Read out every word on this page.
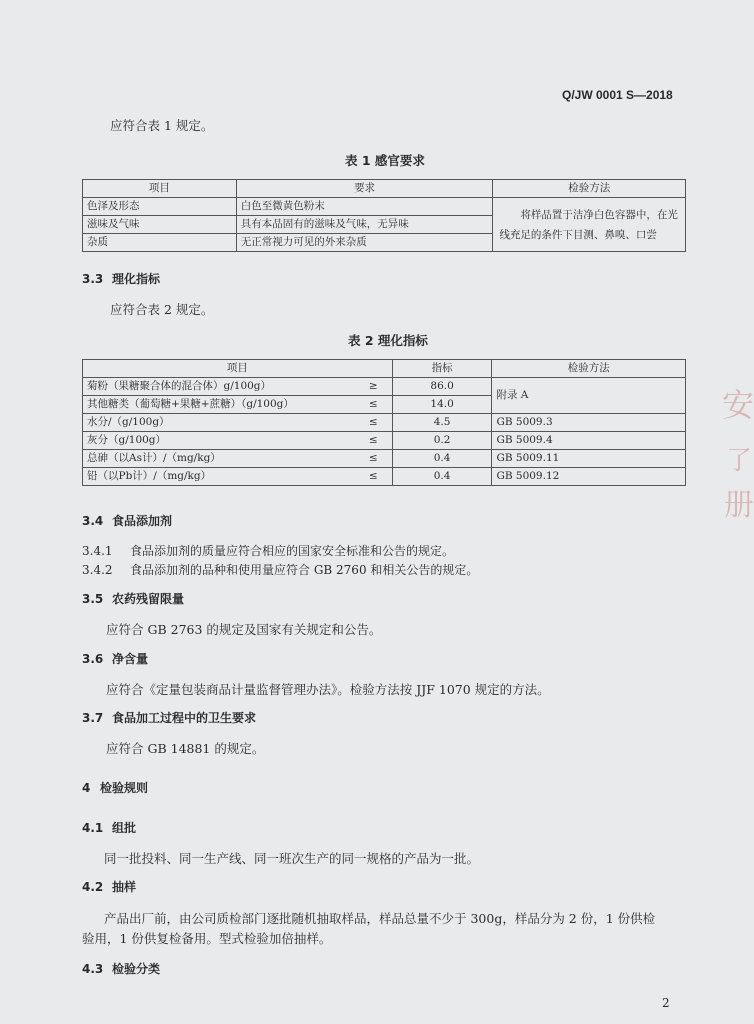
Q/JW 0001 S—2018
应符合表 1 规定。
表 1 感官要求
项目	要求	检验方法
色泽及形态	白色至微黄色粉末	将样品置于洁净白色容器中，在光线充足的条件下目测、鼻嗅、口尝
滋味及气味	具有本品固有的滋味及气味，无异味	
杂质	无正常视力可见的外来杂质	
3.3 理化指标
应符合表 2 规定。
表 2 理化指标
项目		指标	检验方法
菊粉（果糖聚合体的混合体）g/100g）	≥	86.0	附录 A
其他糖类（葡萄糖+果糖+蔗糖）（g/100g）	≤	14.0	
水分/（g/100g）	≤	4.5	GB 5009.3
灰分（g/100g）	≤	0.2	GB 5009.4
总砷（以As计）/（mg/kg）	≤	0.4	GB 5009.11
铅（以Pb计）/（mg/kg）	≤	0.4	GB 5009.12
3.4 食品添加剂
3.4.1 食品添加剂的质量应符合相应的国家安全标准和公告的规定。
3.4.2 食品添加剂的品种和使用量应符合 GB 2760 和相关公告的规定。
3.5 农药残留限量
应符合 GB 2763 的规定及国家有关规定和公告。
3.6 净含量
应符合《定量包装商品计量监督管理办法》。检验方法按 JJF 1070 规定的方法。
3.7 食品加工过程中的卫生要求
应符合 GB 14881 的规定。
4 检验规则
4.1 组批
同一批投料、同一生产线、同一班次生产的同一规格的产品为一批。
4.2 抽样
产品出厂前，由公司质检部门逐批随机抽取样品，样品总量不少于 300g，样品分为 2 份，1 份供检
验用，1 份供复检备用。型式检验加倍抽样。
4.3 检验分类
安
了
册
2
